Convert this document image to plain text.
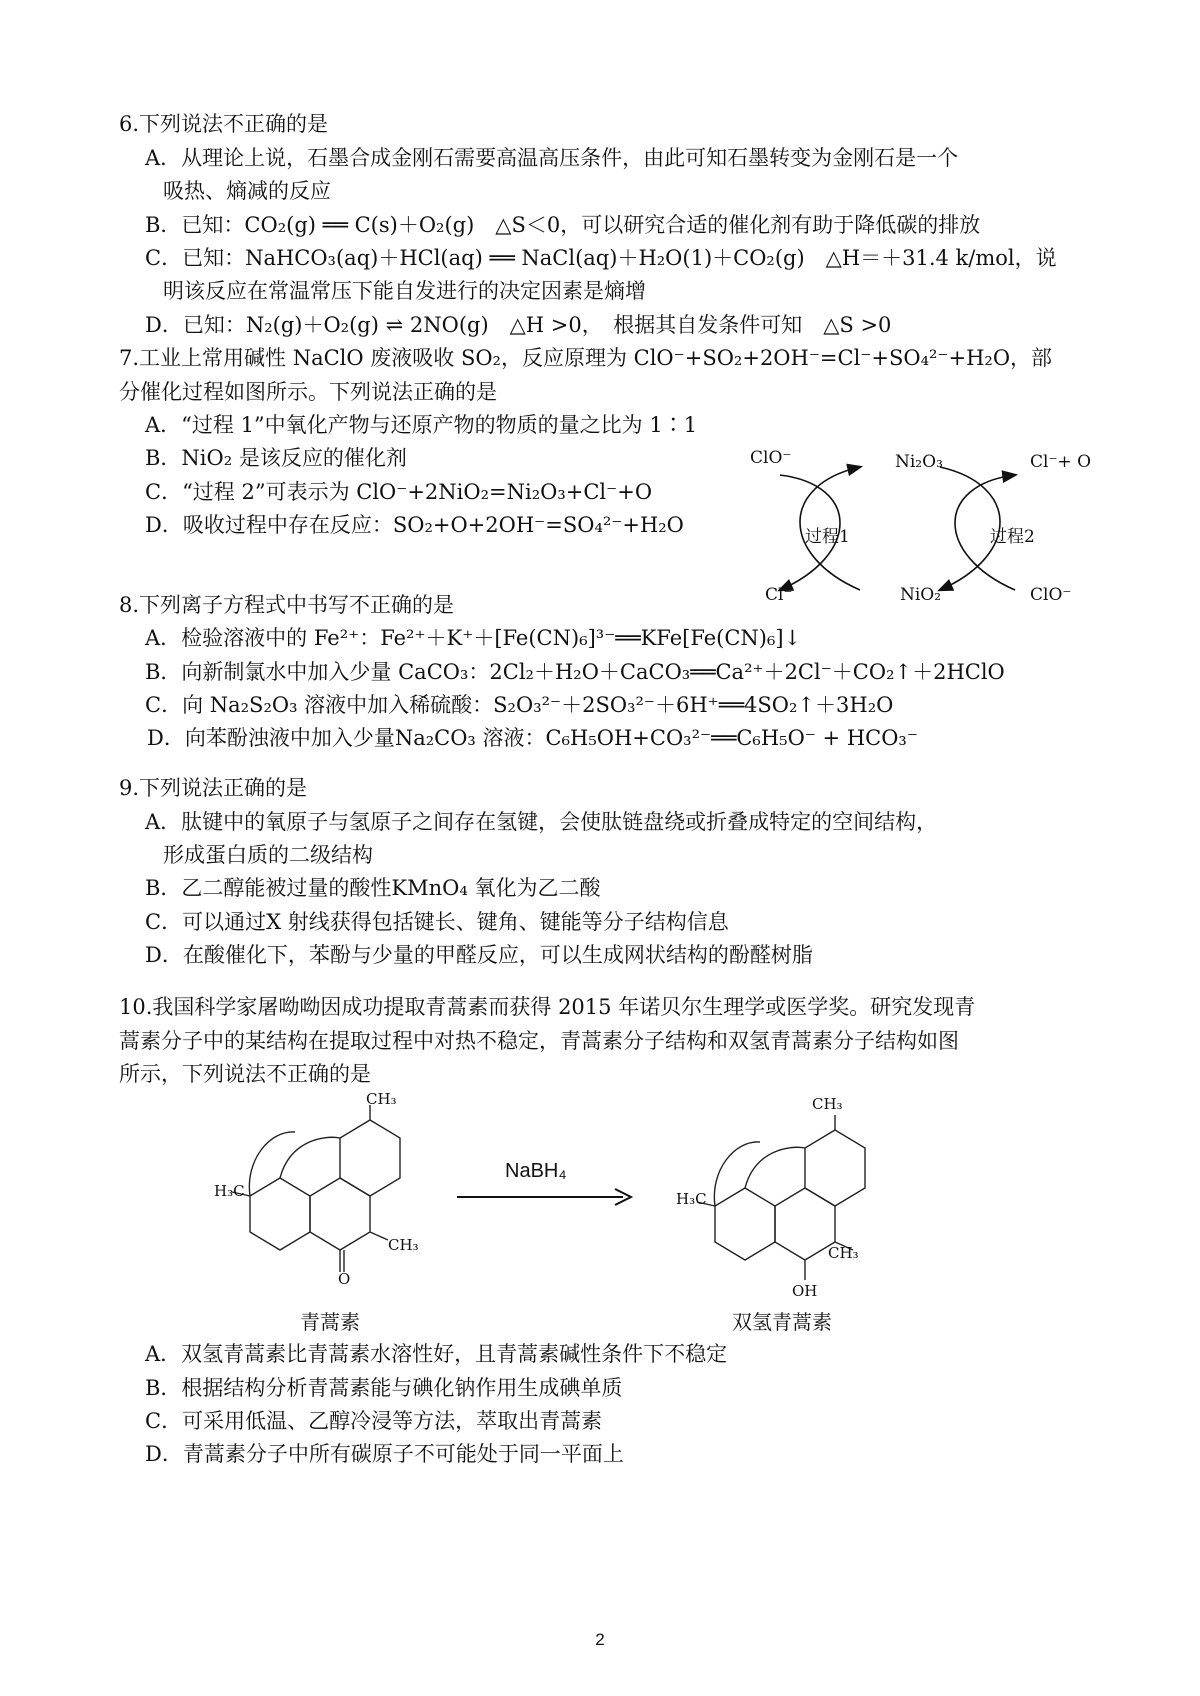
6.下列说法不正确的是
A．从理论上说，石墨合成金刚石需要高温高压条件，由此可知石墨转变为金刚石是一个
吸热、熵减的反应
B．已知：CO₂(g) ══ C(s)＋O₂(g)　△S＜0，可以研究合适的催化剂有助于降低碳的排放
C．已知：NaHCO₃(aq)＋HCl(aq) ══ NaCl(aq)＋H₂O(1)＋CO₂(g)　△H＝＋31.4 k/mol，说
明该反应在常温常压下能自发进行的决定因素是熵增
D．已知：N₂(g)＋O₂(g) ⇌ 2NO(g)　△H >0，　根据其自发条件可知　△S >0
7.工业上常用碱性 NaClO 废液吸收 SO₂，反应原理为 ClO⁻+SO₂+2OH⁻=Cl⁻+SO₄²⁻+H₂O，部
分催化过程如图所示。下列说法正确的是
A．“过程 1”中氧化产物与还原产物的物质的量之比为 1∶1
B．NiO₂ 是该反应的催化剂
C．“过程 2”可表示为 ClO⁻+2NiO₂=Ni₂O₃+Cl⁻+O
D．吸收过程中存在反应：SO₂+O+2OH⁻=SO₄²⁻+H₂O
ClO⁻	Ni₂O₃	Cl⁻+ O
过程1	过程2
Cl⁻	NiO₂	ClO⁻
8.下列离子方程式中书写不正确的是
A．检验溶液中的 Fe²⁺：Fe²⁺＋K⁺＋[Fe(CN)₆]³⁻══KFe[Fe(CN)₆]↓
B．向新制氯水中加入少量 CaCO₃：2Cl₂＋H₂O＋CaCO₃══Ca²⁺＋2Cl⁻＋CO₂↑＋2HClO
C．向 Na₂S₂O₃ 溶液中加入稀硫酸：S₂O₃²⁻＋2SO₃²⁻＋6H⁺══4SO₂↑＋3H₂O
D．向苯酚浊液中加入少量Na₂CO₃ 溶液：C₆H₅OH+CO₃²⁻══C₆H₅O⁻ + HCO₃⁻
9.下列说法正确的是
A．肽键中的氧原子与氢原子之间存在氢键，会使肽链盘绕或折叠成特定的空间结构，
形成蛋白质的二级结构
B．乙二醇能被过量的酸性KMnO₄ 氧化为乙二酸
C．可以通过X 射线获得包括键长、键角、键能等分子结构信息
D．在酸催化下，苯酚与少量的甲醛反应，可以生成网状结构的酚醛树脂
10.我国科学家屠呦呦因成功提取青蒿素而获得 2015 年诺贝尔生理学或医学奖。研究发现青
蒿素分子中的某结构在提取过程中对热不稳定，青蒿素分子结构和双氢青蒿素分子结构如图
所示，下列说法不正确的是
CH₃
H₃C
CH₃
O
NaBH₄
CH₃
H₃C
CH₃
OH
青蒿素	双氢青蒿素
A．双氢青蒿素比青蒿素水溶性好，且青蒿素碱性条件下不稳定
B．根据结构分析青蒿素能与碘化钠作用生成碘单质
C．可采用低温、乙醇冷浸等方法，萃取出青蒿素
D．青蒿素分子中所有碳原子不可能处于同一平面上
2
